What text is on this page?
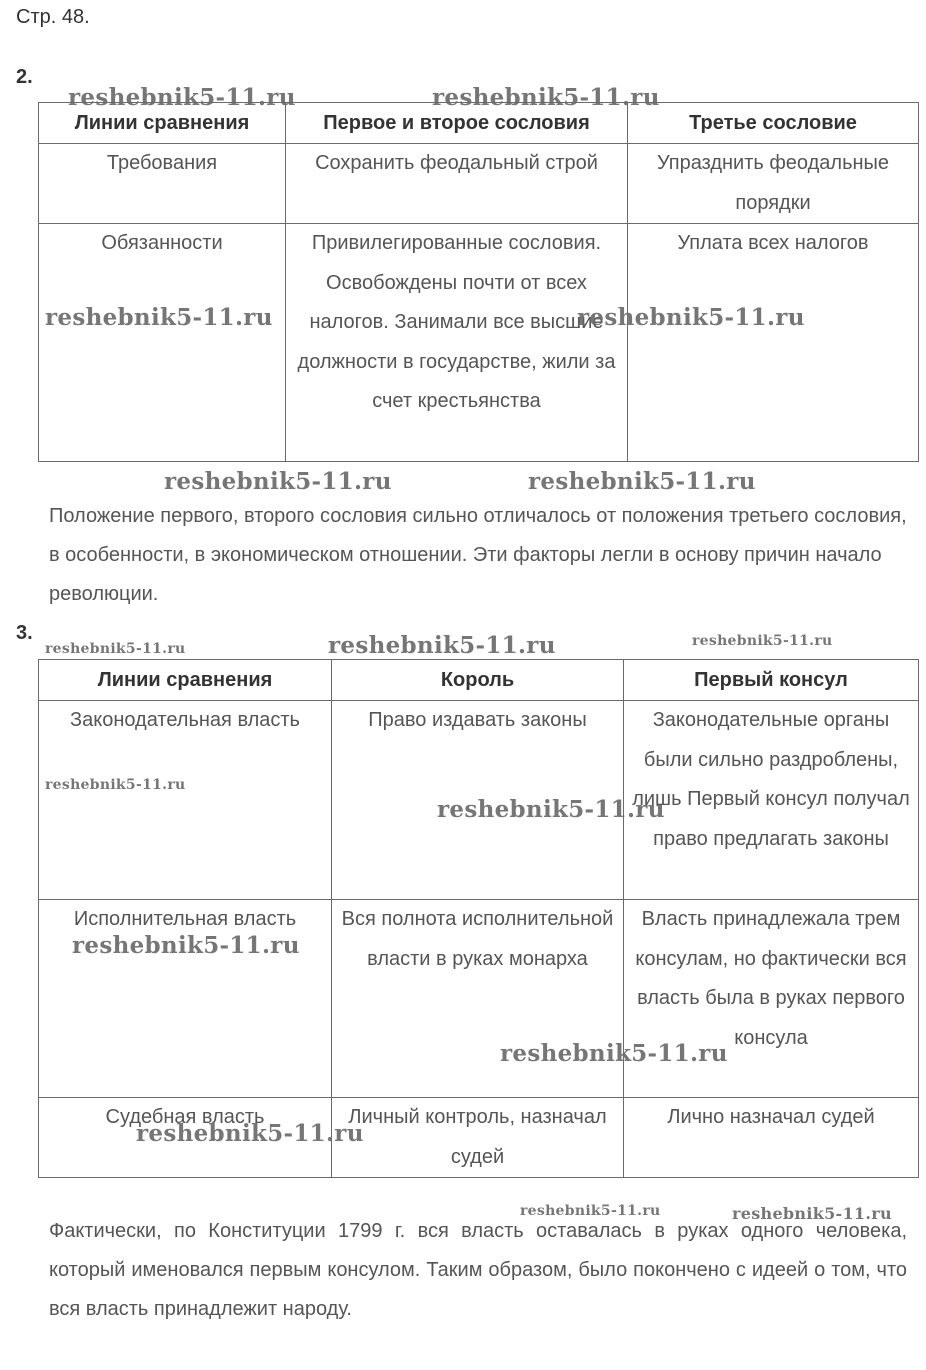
Стр. 48.
2.
Линии сравнения	Первое и второе сословия	Третье сословие
Требования	Сохранить феодальный строй	Упразднить феодальные порядки
Обязанности	Привилегированные сословия. Освобождены почти от всех налогов. Занимали все высшие должности в государстве, жили за счет крестьянства	Уплата всех налогов
Положение первого, второго сословия сильно отличалось от положения третьего сословия, в особенности, в экономическом отношении. Эти факторы легли в основу причин начало революции.
3.
Линии сравнения	Король	Первый консул
Законодательная власть	Право издавать законы	Законодательные органы были сильно раздроблены, лишь Первый консул получал право предлагать законы
Исполнительная власть	Вся полнота исполнительной власти в руках монарха	Власть принадлежала трем консулам, но фактически вся власть была в руках первого консула
Судебная власть	Личный контроль, назначал судей	Лично назначал судей
Фактически, по Конституции 1799 г. вся власть оставалась в руках одного человека, который именовался первым консулом. Таким образом, было покончено с идеей о том, что вся власть принадлежит народу.
reshebnik5-11.ru	reshebnik5-11.ru
reshebnik5-11.ru	reshebnik5-11.ru
reshebnik5-11.ru	reshebnik5-11.ru
reshebnik5-11.ru	reshebnik5-11.ru	reshebnik5-11.ru
reshebnik5-11.ru
reshebnik5-11.ru
reshebnik5-11.ru
reshebnik5-11.ru
reshebnik5-11.ru
reshebnik5-11.ru	reshebnik5-11.ru
